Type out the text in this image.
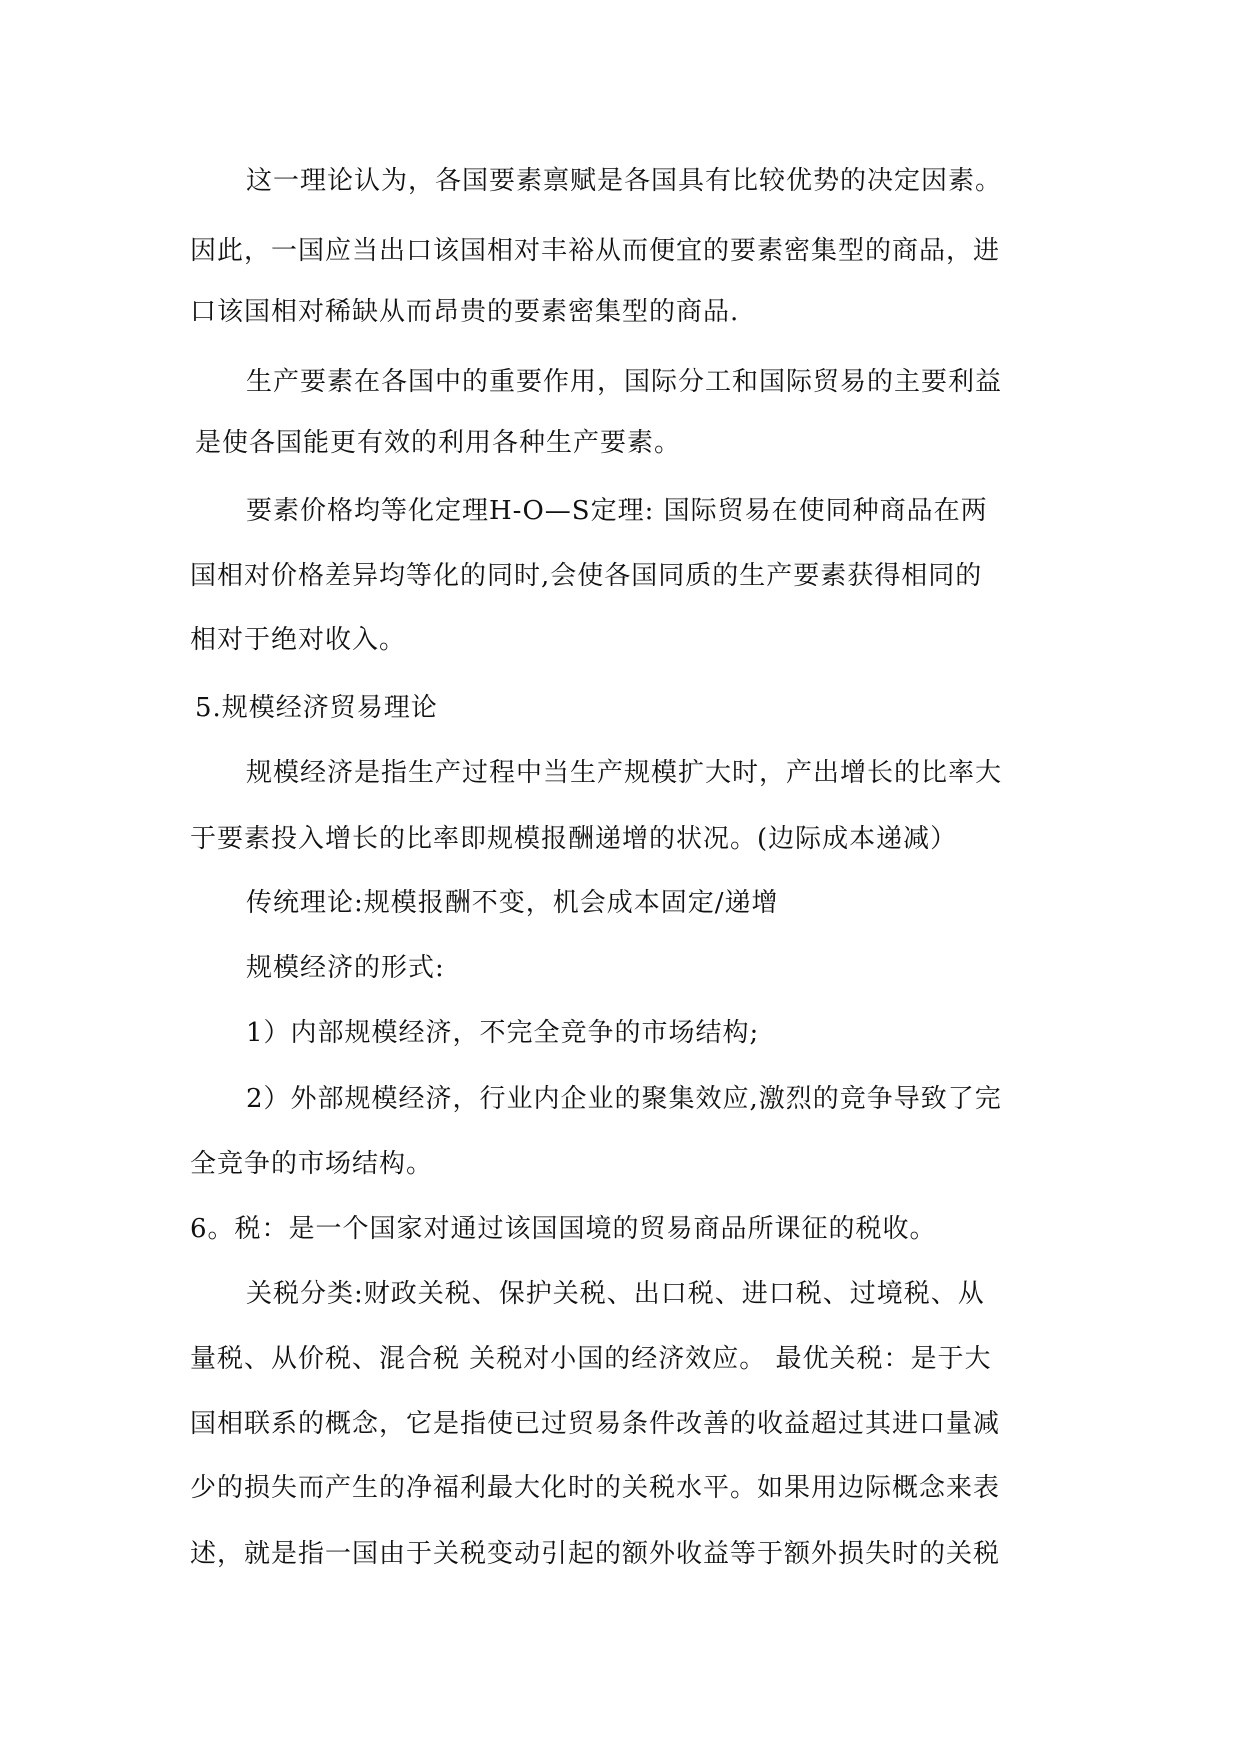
这一理论认为，各国要素禀赋是各国具有比较优势的决定因素。
因此，一国应当出口该国相对丰裕从而便宜的要素密集型的商品，进
口该国相对稀缺从而昂贵的要素密集型的商品.
生产要素在各国中的重要作用，国际分工和国际贸易的主要利益
是使各国能更有效的利用各种生产要素。
要素价格均等化定理H-O—S定理: 国际贸易在使同种商品在两
国相对价格差异均等化的同时,会使各国同质的生产要素获得相同的
相对于绝对收入。
5.规模经济贸易理论
规模经济是指生产过程中当生产规模扩大时，产出增长的比率大
于要素投入增长的比率即规模报酬递增的状况。(边际成本递减）
传统理论:规模报酬不变，机会成本固定/递增
规模经济的形式:
1）内部规模经济，不完全竞争的市场结构;
2）外部规模经济，行业内企业的聚集效应,激烈的竞争导致了完
全竞争的市场结构。
6。税：是一个国家对通过该国国境的贸易商品所课征的税收。
关税分类:财政关税、保护关税、出口税、进口税、过境税、从
量税、从价税、混合税 关税对小国的经济效应。 最优关税：是于大
国相联系的概念，它是指使已过贸易条件改善的收益超过其进口量减
少的损失而产生的净福利最大化时的关税水平。如果用边际概念来表
述，就是指一国由于关税变动引起的额外收益等于额外损失时的关税
